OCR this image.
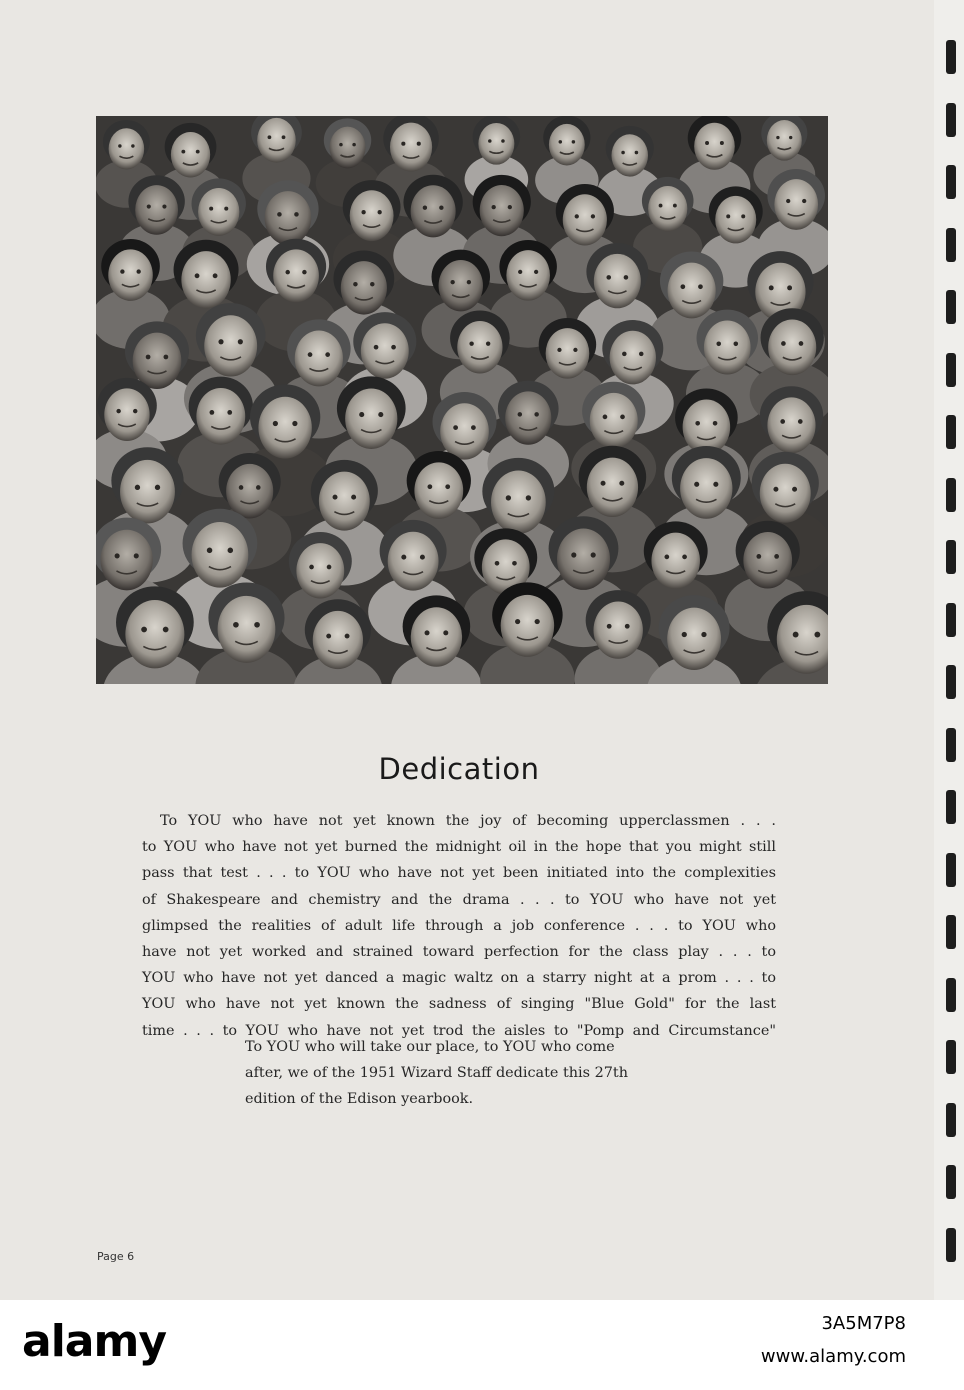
Dedication
To YOU who have not yet known the joy of becoming upperclassmen . . .
to YOU who have not yet burned the midnight oil in the hope that you might still
pass that test . . . to YOU who have not yet been initiated into the complexities
of Shakespeare and chemistry and the drama . . . to YOU who have not yet
glimpsed the realities of adult life through a job conference . . . to YOU who
have not yet worked and strained toward perfection for the class play . . . to
YOU who have not yet danced a magic waltz on a starry night at a prom . . . to
YOU who have not yet known the sadness of singing "Blue Gold" for the last
time . . . to YOU who have not yet trod the aisles to "Pomp and Circumstance"
To YOU who will take our place, to YOU who come
after, we of the 1951 Wizard Staff dedicate this 27th
edition of the Edison yearbook.
Page 6
alamy	3A5M7P8
www.alamy.com
